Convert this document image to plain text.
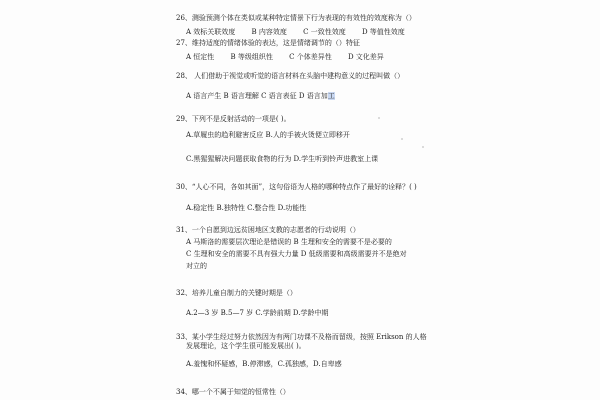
26、测验预测个体在类似或某种特定情景下行为表现的有效性的效度称为（）
A 效标关联效度 B 内容效度 C 一致性效度 D 等值性效度
27、维持适度的情绪体验的表达，这是情绪调节的（）特征
A 恒定性 B 等级组织性 C 个体差异性 D 文化差异
28、 人们借助于视觉或听觉的语言材料在头脑中建构意义的过程叫做（）
A 语言产生 B 语言理解 C 语言表征 D 语言加工
29、下列不是反射活动的一项是( )。
A.草履虫的趋利避害反应 B.人的手被火烫便立即移开
C.黑猩猩解决问题获取食物的行为 D.学生听到铃声进教室上课
30、“人心不同，各如其面”，这句俗语为人格的哪种特点作了最好的诠释？( )
A.稳定性 B.独特性 C.整合性 D.功能性
31、一个自愿到边远贫困地区支教的志愿者的行动说明（）
A 马斯洛的需要层次理论是错误的 B 生理和安全的需要不是必要的
C 生理和安全的需要不具有强大力量 D 低级需要和高级需要并不是绝对
对立的
32、培养儿童自制力的关键时期是（）
A.2—3 岁 B.5—7 岁 C.学龄前期 D.学龄中期
33、某小学生经过努力依然因为有两门功课不及格而留级，按照 Erikson 的人格
发展理论，这个学生很可能发展出( )。
A.羞愧和怀疑感，B.停滞感，C.孤独感，D.自卑感
34、哪一个不属于知觉的恒常性（）
